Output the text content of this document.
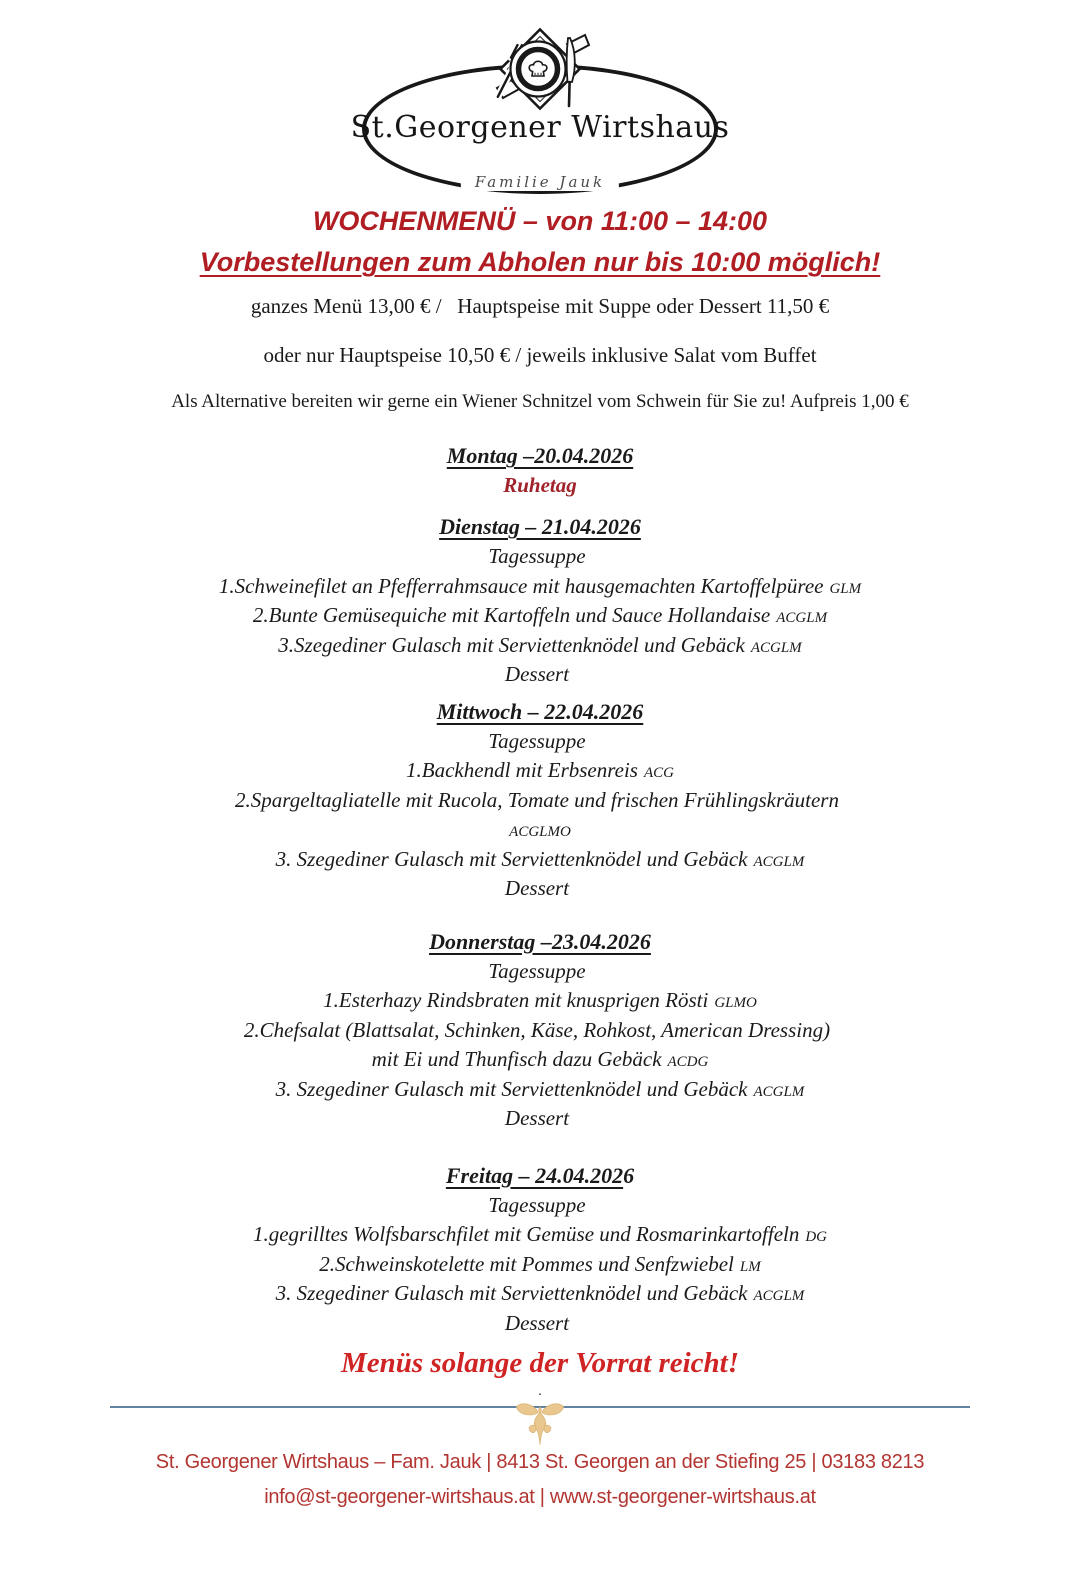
St.Georgener Wirtshaus
Familie Jauk
WOCHENMENÜ – von 11:00 – 14:00
Vorbestellungen zum Abholen nur bis 10:00 möglich!

ganzes Menü 13,00 € /   Hauptspeise mit Suppe oder Dessert 11,50 €

oder nur Hauptspeise 10,50 € / jeweils inklusive Salat vom Buffet

Als Alternative bereiten wir gerne ein Wiener Schnitzel vom Schwein für Sie zu! Aufpreis 1,00 €

Montag –20.04.2026
Ruhetag
Dienstag – 21.04.2026
Tagessuppe
1.Schweinefilet an Pfefferrahmsauce mit hausgemachten Kartoffelpüree GLM
2.Bunte Gemüsequiche mit Kartoffeln und Sauce Hollandaise ACGLM
3.Szegediner Gulasch mit Serviettenknödel und Gebäck ACGLM
Dessert
Mittwoch – 22.04.2026
Tagessuppe
1.Backhendl mit Erbsenreis ACG
2.Spargeltagliatelle mit Rucola, Tomate und frischen Frühlingskräutern
ACGLMO
3. Szegediner Gulasch mit Serviettenknödel und Gebäck ACGLM
Dessert
Donnerstag –23.04.2026
Tagessuppe
1.Esterhazy Rindsbraten mit knusprigen Rösti GLMO
2.Chefsalat (Blattsalat, Schinken, Käse, Rohkost, American Dressing)
mit Ei und Thunfisch dazu Gebäck ACDG
3. Szegediner Gulasch mit Serviettenknödel und Gebäck ACGLM
Dessert
Freitag – 24.04.2026
Tagessuppe
1.gegrilltes Wolfsbarschfilet mit Gemüse und Rosmarinkartoffeln DG
2.Schweinskotelette mit Pommes und Senfzwiebel LM
3. Szegediner Gulasch mit Serviettenknödel und Gebäck ACGLM
Dessert
Menüs solange der Vorrat reicht!
.
St. Georgener Wirtshaus – Fam. Jauk | 8413 St. Georgen an der Stiefing 25 | 03183 8213
info@st-georgener-wirtshaus.at | www.st-georgener-wirtshaus.at
